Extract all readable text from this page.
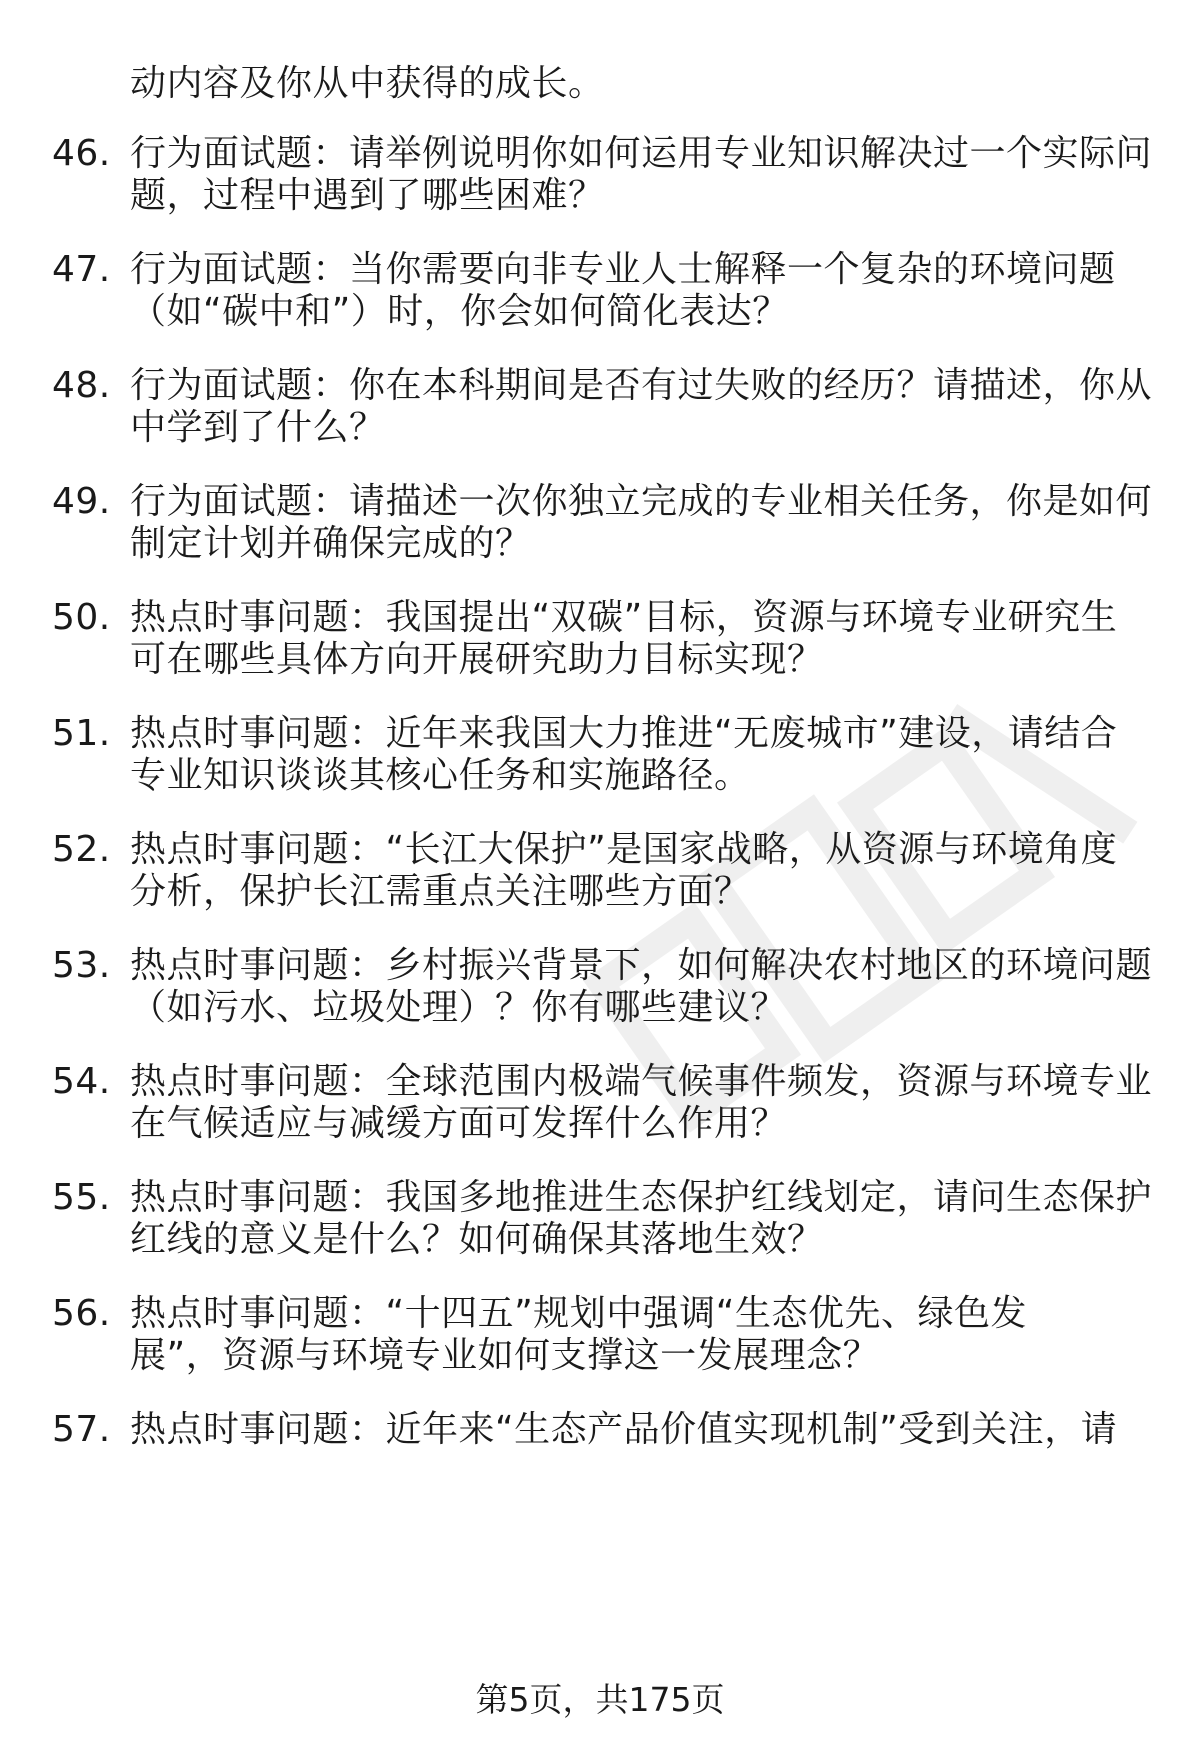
动内容及你从中获得的成长。
46. 行为面试题：请举例说明你如何运用专业知识解决过一个实际问
题，过程中遇到了哪些困难？
47. 行为面试题：当你需要向非专业人士解释一个复杂的环境问题
（如“碳中和”）时，你会如何简化表达？
48. 行为面试题：你在本科期间是否有过失败的经历？请描述，你从
中学到了什么？
49. 行为面试题：请描述一次你独立完成的专业相关任务，你是如何
制定计划并确保完成的？
50. 热点时事问题：我国提出“双碳”目标，资源与环境专业研究生
可在哪些具体方向开展研究助力目标实现？
51. 热点时事问题：近年来我国大力推进“无废城市”建设，请结合
专业知识谈谈其核心任务和实施路径。
52. 热点时事问题：“长江大保护”是国家战略，从资源与环境角度
分析，保护长江需重点关注哪些方面？
53. 热点时事问题：乡村振兴背景下，如何解决农村地区的环境问题
（如污水、垃圾处理）？你有哪些建议？
54. 热点时事问题：全球范围内极端气候事件频发，资源与环境专业
在气候适应与减缓方面可发挥什么作用？
55. 热点时事问题：我国多地推进生态保护红线划定，请问生态保护
红线的意义是什么？如何确保其落地生效？
56. 热点时事问题：“十四五”规划中强调“生态优先、绿色发
展”，资源与环境专业如何支撑这一发展理念？
57. 热点时事问题：近年来“生态产品价值实现机制”受到关注，请
第5页，共175页
